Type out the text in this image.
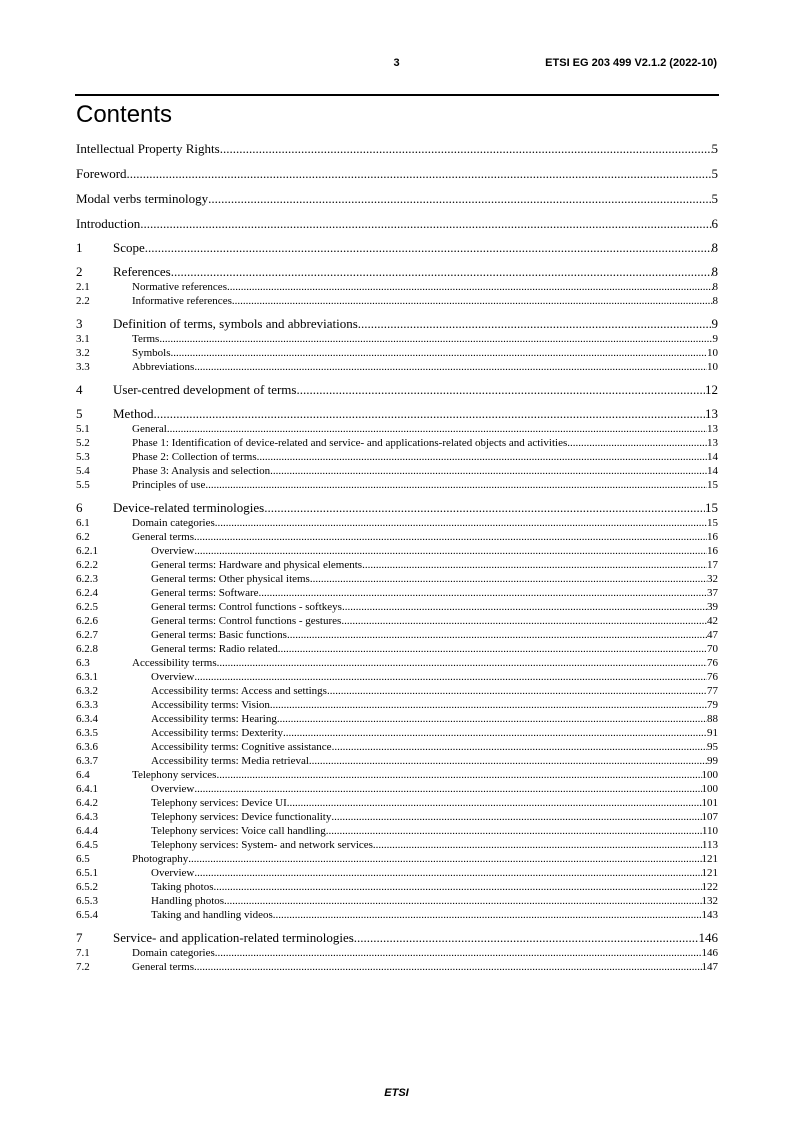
3	ETSI EG 203 499 V2.1.2 (2022-10)
Contents
Intellectual Property Rights .....	5
Foreword .....	5
Modal verbs terminology .....	5
Introduction .....	6
1	Scope .....	8
2	References .....	8
2.1	Normative references .....	8
2.2	Informative references .....	8
3	Definition of terms, symbols and abbreviations .....	9
3.1	Terms .....	9
3.2	Symbols .....	10
3.3	Abbreviations .....	10
4	User-centred development of terms .....	12
5	Method .....	13
5.1	General .....	13
5.2	Phase 1: Identification of device-related and service- and applications-related objects and activities .....	13
5.3	Phase 2: Collection of terms .....	14
5.4	Phase 3: Analysis and selection .....	14
5.5	Principles of use .....	15
6	Device-related terminologies .....	15
6.1	Domain categories .....	15
6.2	General terms .....	16
6.2.1	Overview .....	16
6.2.2	General terms: Hardware and physical elements .....	17
6.2.3	General terms: Other physical items .....	32
6.2.4	General terms: Software .....	37
6.2.5	General terms: Control functions - softkeys .....	39
6.2.6	General terms: Control functions - gestures .....	42
6.2.7	General terms: Basic functions .....	47
6.2.8	General terms: Radio related .....	70
6.3	Accessibility terms .....	76
6.3.1	Overview .....	76
6.3.2	Accessibility terms: Access and settings .....	77
6.3.3	Accessibility terms: Vision .....	79
6.3.4	Accessibility terms: Hearing .....	88
6.3.5	Accessibility terms: Dexterity .....	91
6.3.6	Accessibility terms: Cognitive assistance .....	95
6.3.7	Accessibility terms: Media retrieval .....	99
6.4	Telephony services .....	100
6.4.1	Overview .....	100
6.4.2	Telephony services: Device UI .....	101
6.4.3	Telephony services: Device functionality .....	107
6.4.4	Telephony services: Voice call handling .....	110
6.4.5	Telephony services: System- and network services .....	113
6.5	Photography .....	121
6.5.1	Overview .....	121
6.5.2	Taking photos .....	122
6.5.3	Handling photos .....	132
6.5.4	Taking and handling videos .....	143
7	Service- and application-related terminologies .....	146
7.1	Domain categories .....	146
7.2	General terms .....	147
ETSI
